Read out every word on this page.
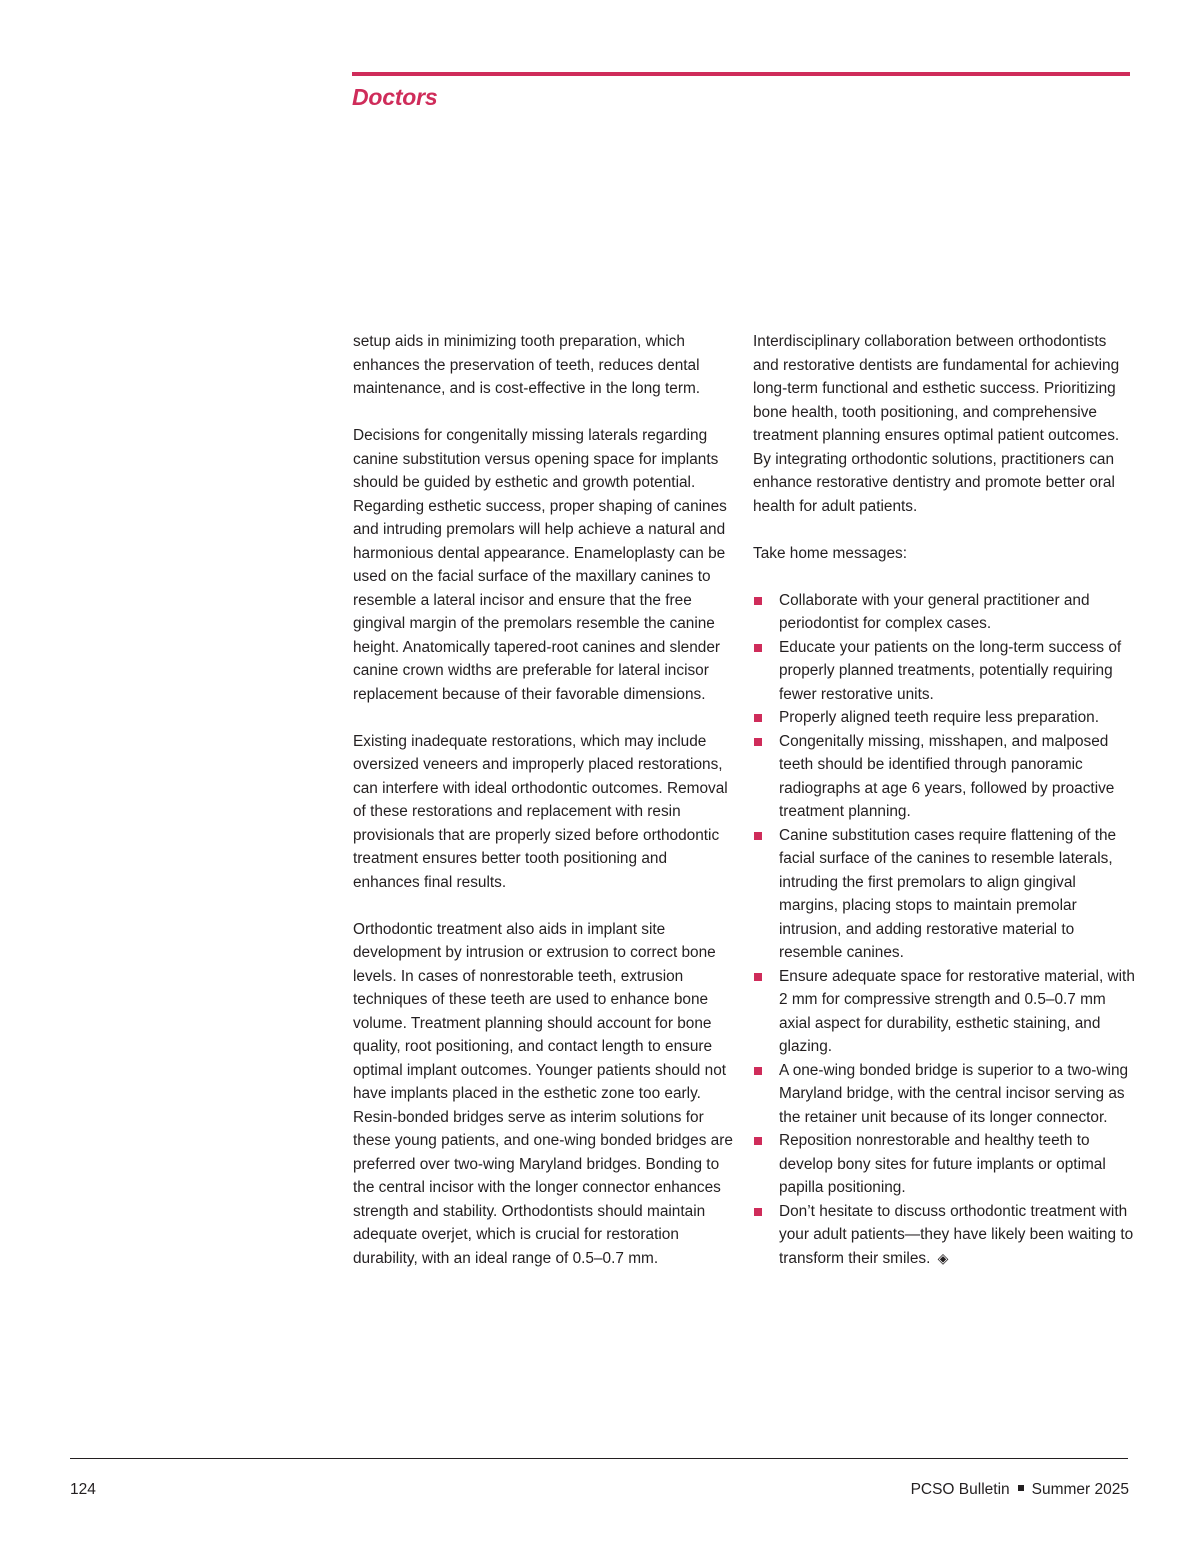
Doctors

setup aids in minimizing tooth preparation, which enhances the preservation of teeth, reduces dental maintenance, and is cost-effective in the long term.

Decisions for congenitally missing laterals regarding canine substitution versus opening space for implants should be guided by esthetic and growth potential. Regarding esthetic success, proper shaping of canines and intruding premolars will help achieve a natural and harmonious dental appearance. Enameloplasty can be used on the facial surface of the maxillary canines to resemble a lateral incisor and ensure that the free gingival margin of the premolars resemble the canine height. Anatomically tapered-root canines and slender canine crown widths are preferable for lateral incisor replacement because of their favorable dimensions.

Existing inadequate restorations, which may include oversized veneers and improperly placed restorations, can interfere with ideal orthodontic outcomes. Removal of these restorations and replacement with resin provisionals that are properly sized before orthodontic treatment ensures better tooth positioning and enhances final results.

Orthodontic treatment also aids in implant site development by intrusion or extrusion to correct bone levels. In cases of nonrestorable teeth, extrusion techniques of these teeth are used to enhance bone volume. Treatment planning should account for bone quality, root positioning, and contact length to ensure optimal implant outcomes. Younger patients should not have implants placed in the esthetic zone too early. Resin-bonded bridges serve as interim solutions for these young patients, and one-wing bonded bridges are preferred over two-wing Maryland bridges. Bonding to the central incisor with the longer connector enhances strength and stability. Orthodontists should maintain adequate overjet, which is crucial for restoration durability, with an ideal range of 0.5–0.7 mm.

Interdisciplinary collaboration between orthodontists and restorative dentists are fundamental for achieving long-term functional and esthetic success. Prioritizing bone health, tooth positioning, and comprehensive treatment planning ensures optimal patient outcomes. By integrating orthodontic solutions, practitioners can enhance restorative dentistry and promote better oral health for adult patients.

Take home messages:

Collaborate with your general practitioner and periodontist for complex cases.
Educate your patients on the long-term success of properly planned treatments, potentially requiring fewer restorative units.
Properly aligned teeth require less preparation.
Congenitally missing, misshapen, and malposed teeth should be identified through panoramic radiographs at age 6 years, followed by proactive treatment planning.
Canine substitution cases require flattening of the facial surface of the canines to resemble laterals, intruding the first premolars to align gingival margins, placing stops to maintain premolar intrusion, and adding restorative material to resemble canines.
Ensure adequate space for restorative material, with 2 mm for compressive strength and 0.5–0.7 mm axial aspect for durability, esthetic staining, and glazing.
A one-wing bonded bridge is superior to a two-wing Maryland bridge, with the central incisor serving as the retainer unit because of its longer connector.
Reposition nonrestorable and healthy teeth to develop bony sites for future implants or optimal papilla positioning.
Don’t hesitate to discuss orthodontic treatment with your adult patients—they have likely been waiting to transform their smiles. ◈
124	PCSO Bulletin Summer 2025
